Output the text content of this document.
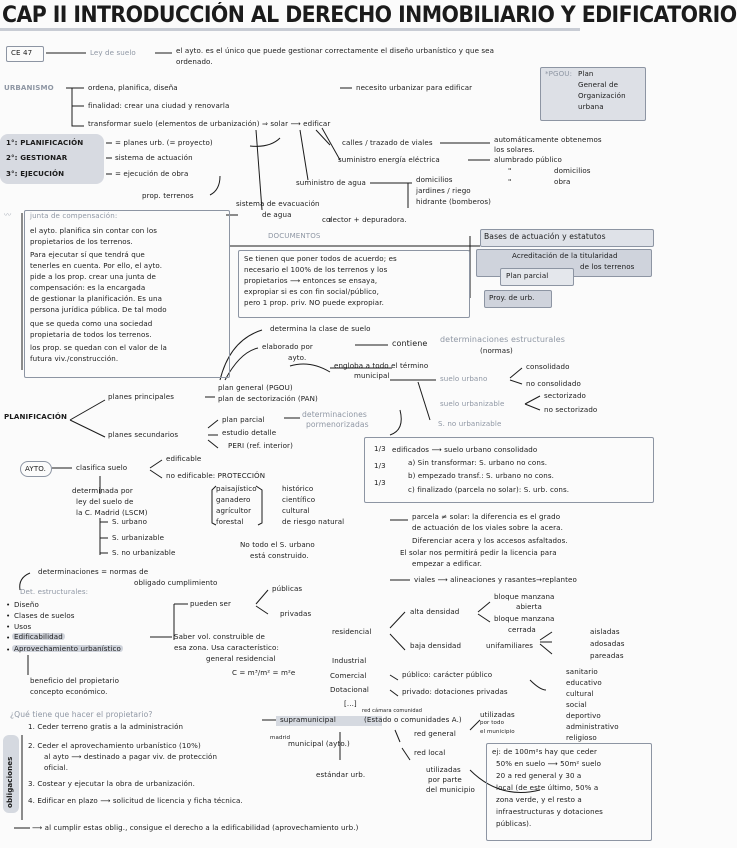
CAP II INTRODUCCIÓN AL DERECHO INMOBILIARIO Y EDIFICATORIO
CE 47	Ley de suelo	el ayto. es el único que puede gestionar correctamente el diseño urbanístico y que sea
ordenado.
*PGOU: Plan
General de
Organización
urbana
URBANISMO	ordena, planifica, diseña
finalidad: crear una ciudad y renovarla
transformar suelo (elementos de urbanización) ⇒ solar ⟶ edificar
necesito urbanizar para edificar
1°: PLANIFICACIÓN
2°: GESTIONAR
3°: EJECUCIÓN
= planes urb. (= proyecto)
sistema de actuación
= ejecución de obra
prop. terrenos
calles / trazado de viales	automáticamente obtenemos
los solares.
suministro energía eléctrica	alumbrado público
"	domicilios
"	obra
suministro de agua	domicilios
jardines / riego
hidrante (bomberos)
sistema de evacuación
de agua
colector + depuradora.
〰	junta de compensación:
el ayto. planifica sin contar con los
propietarios de los terrenos.
Para ejecutar sí que tendrá que
tenerles en cuenta. Por ello, el ayto.
pide a los prop. crear una junta de
compensación: es la encargada
de gestionar la planificación. Es una
persona jurídica pública. De tal modo
que se queda como una sociedad
propietaria de todos los terrenos.
los prop. se quedan con el valor de la
futura viv./construcción.
DOCUMENTOS
Se tienen que poner todos de acuerdo; es
necesario el 100% de los terrenos y los
propietarios ⟶ entonces se ensaya,
expropiar si es con fin social/público,
pero 1 prop. priv. NO puede expropiar.
Bases de actuación y estatutos
Acreditación de la titularidad
de los terrenos
Plan parcial
Proy. de urb.
determina la clase de suelo
elaborado por
ayto.
contiene determinaciones estructurales
(normas)
engloba a todo el término
municipal
PLANIFICACIÓN
planes principales
plan general (PGOU)
plan de sectorización (PAN)
planes secundarios
plan parcial
estudio detalle
PERI (ref. interior)
determinaciones
pormenorizadas
suelo urbano
consolidado
no consolidado
suelo urbanizable
sectorizado
no sectorizado
S. no urbanizable
1/3
1/3
1/3
edificados ⟶ suelo urbano consolidado
a) Sin transformar: S. urbano no cons.
b) empezado transf.: S. urbano no cons.
c) finalizado (parcela no solar): S. urb. cons.
AYTO.	clasifica suelo
edificable
no edificable: PROTECCIÓN
determinada por
ley del suelo de
la C. Madrid (LSCM)
S. urbano
S. urbanizable
S. no urbanizable
paisajístico
ganadero
agrícultor
forestal
histórico
científico
cultural
de riesgo natural
No todo el S. urbano
está construido.
parcela ≠ solar: la diferencia es el grado
de actuación de los viales sobre la acera.
Diferenciar acera y los accesos asfaltados.
El solar nos permitirá pedir la licencia para
empezar a edificar.
viales ⟶ alineaciones y rasantes→replanteo
determinaciones = normas de
obligado cumplimiento
Det. estructurales:
• Diseño
• Clases de suelos
• Usos
• Edificabilidad
• Aprovechamiento urbanístico
pueden ser
públicas
privadas
Saber vol. construible de
esa zona. Usa característico:
general residencial
C = m³/m² = m²e
beneficio del propietario
concepto económico.
residencial
alta densidad
bloque manzana
abierta
bloque manzana
cerrada
baja densidad	unifamiliares
aisladas
adosadas
pareadas
Industrial
Comercial
Dotacional
[...]
público: carácter público
privado: dotaciones privadas
sanitario
educativo
cultural
social
deportivo
administrativo
religioso
¿Qué tiene que hacer el propietario?
obligaciones
1. Ceder terreno gratis a la administración
2. Ceder el aprovechamiento urbanístico (10%)
al ayto ⟶ destinado a pagar viv. de protección
oficial.
3. Costear y ejecutar la obra de urbanización.
4. Edificar en plazo ⟶ solicitud de licencia y ficha técnica.
madrid
supramunicipal
red cámara comunidad
(Estado o comunidades A.)
municipal (ayto.)
estándar urb.
red general
utilizadas
por todo
el municipio
red local
utilizadas
por parte
del municipio
⟶ al cumplir estas oblig., consigue el derecho a la edificabilidad (aprovechamiento urb.)
ej: de 100m²s hay que ceder
50% en suelo ⟶ 50m² suelo
20 a red general y 30 a
local (de este último, 50% a
zona verde, y el resto a
infraestructuras y dotaciones
públicas).
